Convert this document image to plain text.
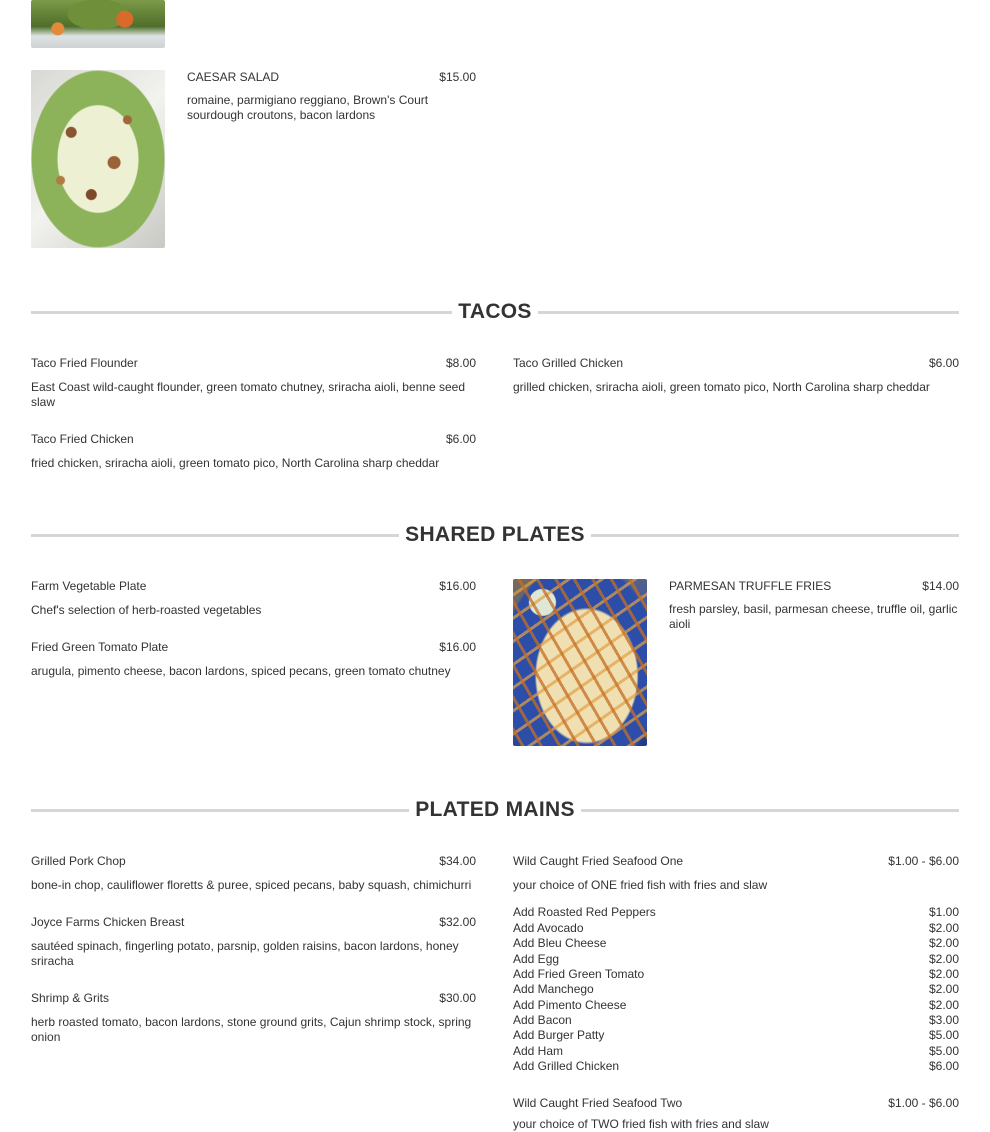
CAESAR SALAD	$15.00
romaine, parmigiano reggiano, Brown's Court sourdough croutons, bacon lardons
TACOS
Taco Fried Flounder	$8.00
East Coast wild-caught flounder, green tomato chutney, sriracha aioli, benne seed slaw
Taco Grilled Chicken	$6.00
grilled chicken, sriracha aioli, green tomato pico, North Carolina sharp cheddar
Taco Fried Chicken	$6.00
fried chicken, sriracha aioli, green tomato pico, North Carolina sharp cheddar
SHARED PLATES
Farm Vegetable Plate	$16.00
Chef's selection of herb-roasted vegetables
Fried Green Tomato Plate	$16.00
arugula, pimento cheese, bacon lardons, spiced pecans, green tomato chutney
PARMESAN TRUFFLE FRIES	$14.00
fresh parsley, basil, parmesan cheese, truffle oil, garlic aioli
PLATED MAINS
Grilled Pork Chop	$34.00
bone-in chop, cauliflower floretts & puree, spiced pecans, baby squash, chimichurri
Joyce Farms Chicken Breast	$32.00
sautéed spinach, fingerling potato, parsnip, golden raisins, bacon lardons, honey sriracha
Shrimp & Grits	$30.00
herb roasted tomato, bacon lardons, stone ground grits, Cajun shrimp stock, spring onion
Wild Caught Fried Seafood One	$1.00 - $6.00
your choice of ONE fried fish with fries and slaw
Add Roasted Red Peppers	$1.00
Add Avocado	$2.00
Add Bleu Cheese	$2.00
Add Egg	$2.00
Add Fried Green Tomato	$2.00
Add Manchego	$2.00
Add Pimento Cheese	$2.00
Add Bacon	$3.00
Add Burger Patty	$5.00
Add Ham	$5.00
Add Grilled Chicken	$6.00
Wild Caught Fried Seafood Two	$1.00 - $6.00
your choice of TWO fried fish with fries and slaw
